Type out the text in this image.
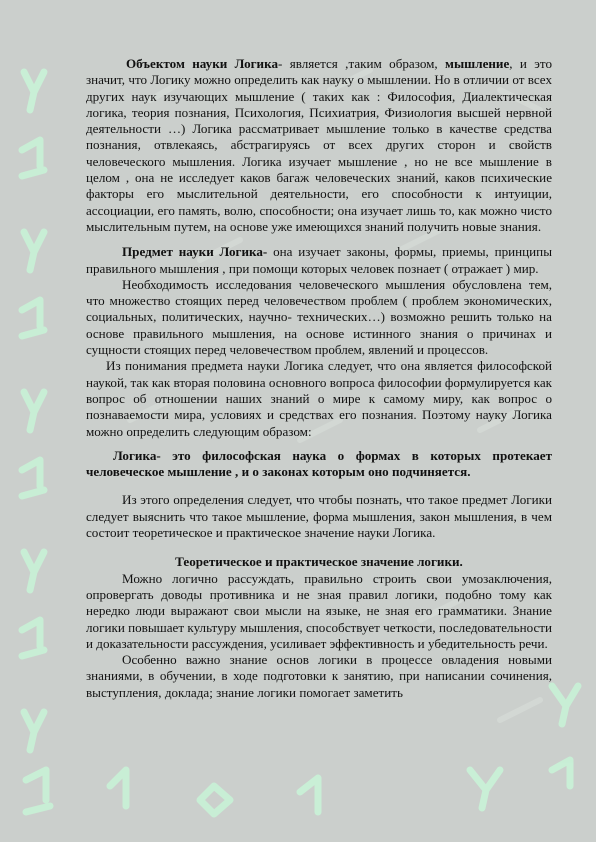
Объектом науки Логика- является ,таким образом, мышление, и это значит, что Логику можно определить как науку о мышлении. Но в отличии от всех других наук изучающих мышление ( таких как : Философия, Диалектическая логика, теория познания, Психология, Психиатрия, Физиология высшей нервной деятельности …) Логика рассматривает мышление только в качестве средства познания, отвлекаясь, абстрагируясь от всех других сторон и свойств человеческого мышления. Логика изучает мышление , но не все мышление в целом , она не исследует каков багаж человеческих знаний, каков психические факторы его мыслительной деятельности, его способности к интуиции, ассоциации, его память, волю, способности; она изучает лишь то, как можно чисто мыслительным путем, на основе уже имеющихся знаний получить новые знания.

Предмет науки Логика- она изучает законы, формы, приемы, принципы правильного мышления , при помощи которых человек познает ( отражает ) мир.

Необходимость исследования человеческого мышления обусловлена тем, что множество стоящих перед человечеством проблем ( проблем экономических, социальных, политических, научно- технических…) возможно решить только на основе правильного мышления, на основе истинного знания о причинах и сущности стоящих перед человечеством проблем, явлений и процессов.

Из понимания предмета науки Логика следует, что она является философской наукой, так как вторая половина основного вопроса философии формулируется как вопрос об отношении наших знаний о мире к самому миру, как вопрос о познаваемости мира, условиях и средствах его познания. Поэтому науку Логика можно определить следующим образом:

Логика- это философская наука о формах в которых протекает человеческое мышление , и о законах которым оно подчиняется.

Из этого определения следует, что чтобы познать, что такое предмет Логики следует выяснить что такое мышление, форма мышления, закон мышления, в чем состоит теоретическое и практическое значение науки Логика.

Теоретическое и практическое значение логики.

Можно логично рассуждать, правильно строить свои умозаключения, опровергать доводы противника и не зная правил логики, подобно тому как нередко люди выражают свои мысли на языке, не зная его грамматики. Знание логики повышает культуру мышления, способствует четкости, последовательности и доказательности рассуждения, усиливает эффективность и убедительность речи.

Особенно важно знание основ логики в процессе овладения новыми знаниями, в обучении, в ходе подготовки к занятию, при написании сочинения, выступления, доклада; знание логики помогает заметить
